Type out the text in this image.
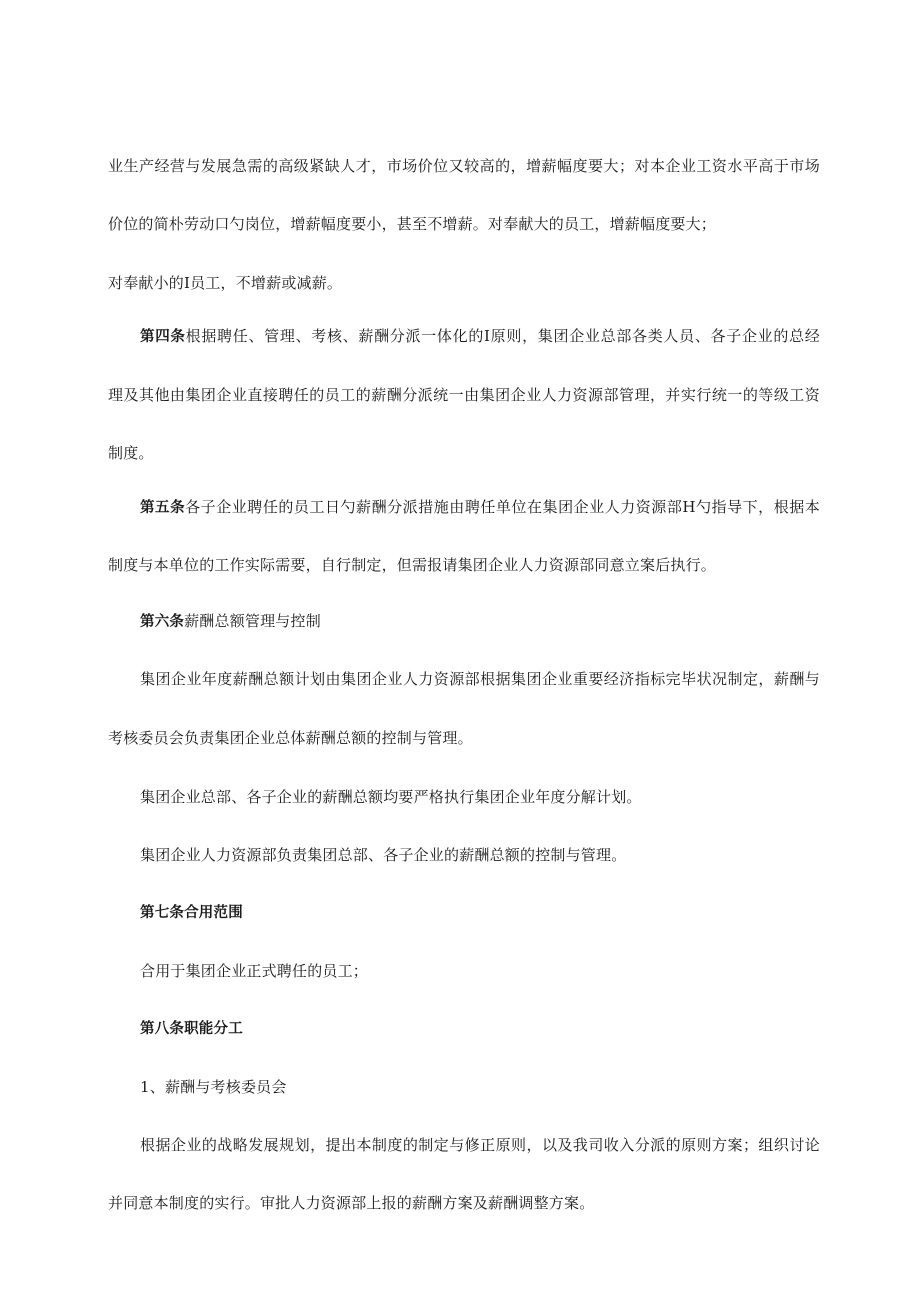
业生产经营与发展急需的高级紧缺人才，市场价位又较高的，增薪幅度要大；对本企业工资水平高于市场
价位的简朴劳动口勺岗位，增薪幅度要小，甚至不增薪。对奉献大的员工，增薪幅度要大；
对奉献小的I员工，不增薪或减薪。
第四条根据聘任、管理、考核、薪酬分派一体化的I原则，集团企业总部各类人员、各子企业的总经
理及其他由集团企业直接聘任的员工的薪酬分派统一由集团企业人力资源部管理，并实行统一的等级工资
制度。
第五条各子企业聘任的员工日勺薪酬分派措施由聘任单位在集团企业人力资源部H勺指导下，根据本
制度与本单位的工作实际需要，自行制定，但需报请集团企业人力资源部同意立案后执行。
第六条薪酬总额管理与控制
集团企业年度薪酬总额计划由集团企业人力资源部根据集团企业重要经济指标完毕状况制定，薪酬与
考核委员会负责集团企业总体薪酬总额的控制与管理。
集团企业总部、各子企业的薪酬总额均要严格执行集团企业年度分解计划。
集团企业人力资源部负责集团总部、各子企业的薪酬总额的控制与管理。
第七条合用范围
合用于集团企业正式聘任的员工；
第八条职能分工
1、薪酬与考核委员会
根据企业的战略发展规划，提出本制度的制定与修正原则，以及我司收入分派的原则方案；组织讨论
并同意本制度的实行。审批人力资源部上报的薪酬方案及薪酬调整方案。
